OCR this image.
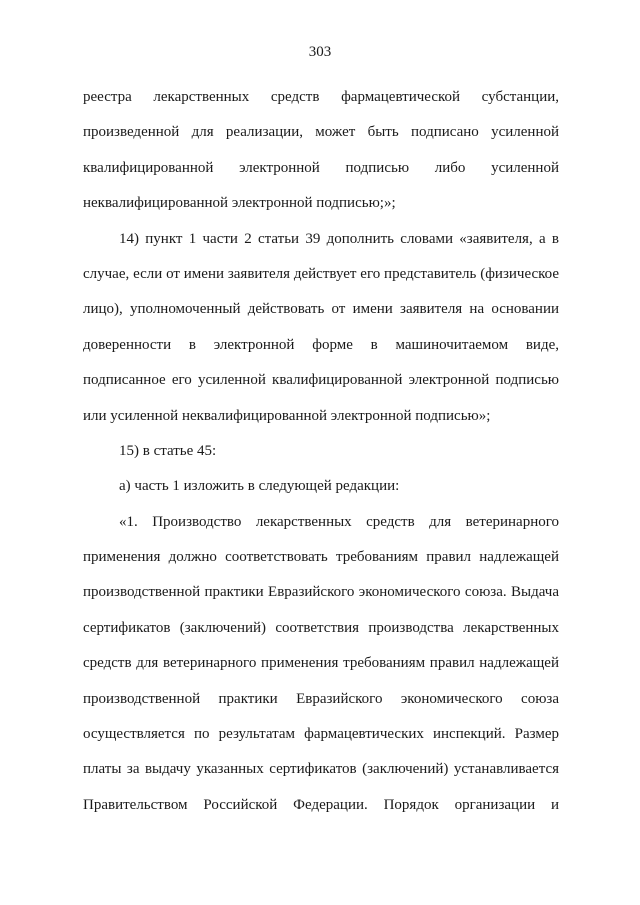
303
реестра лекарственных средств фармацевтической субстанции,
произведенной для реализации, может быть подписано усиленной
квалифицированной электронной подписью либо усиленной
неквалифицированной электронной подписью;»;
14) пункт 1 части 2 статьи 39 дополнить словами «заявителя, а в
случае, если от имени заявителя действует его представитель (физическое
лицо), уполномоченный действовать от имени заявителя на основании
доверенности в электронной форме в машиночитаемом виде,
подписанное его усиленной квалифицированной электронной подписью
или усиленной неквалифицированной электронной подписью»;
15) в статье 45:
а) часть 1 изложить в следующей редакции:
«1. Производство лекарственных средств для ветеринарного
применения должно соответствовать требованиям правил надлежащей
производственной практики Евразийского экономического союза. Выдача
сертификатов (заключений) соответствия производства лекарственных
средств для ветеринарного применения требованиям правил надлежащей
производственной практики Евразийского экономического союза
осуществляется по результатам фармацевтических инспекций. Размер
платы за выдачу указанных сертификатов (заключений) устанавливается
Правительством Российской Федерации. Порядок организации и
